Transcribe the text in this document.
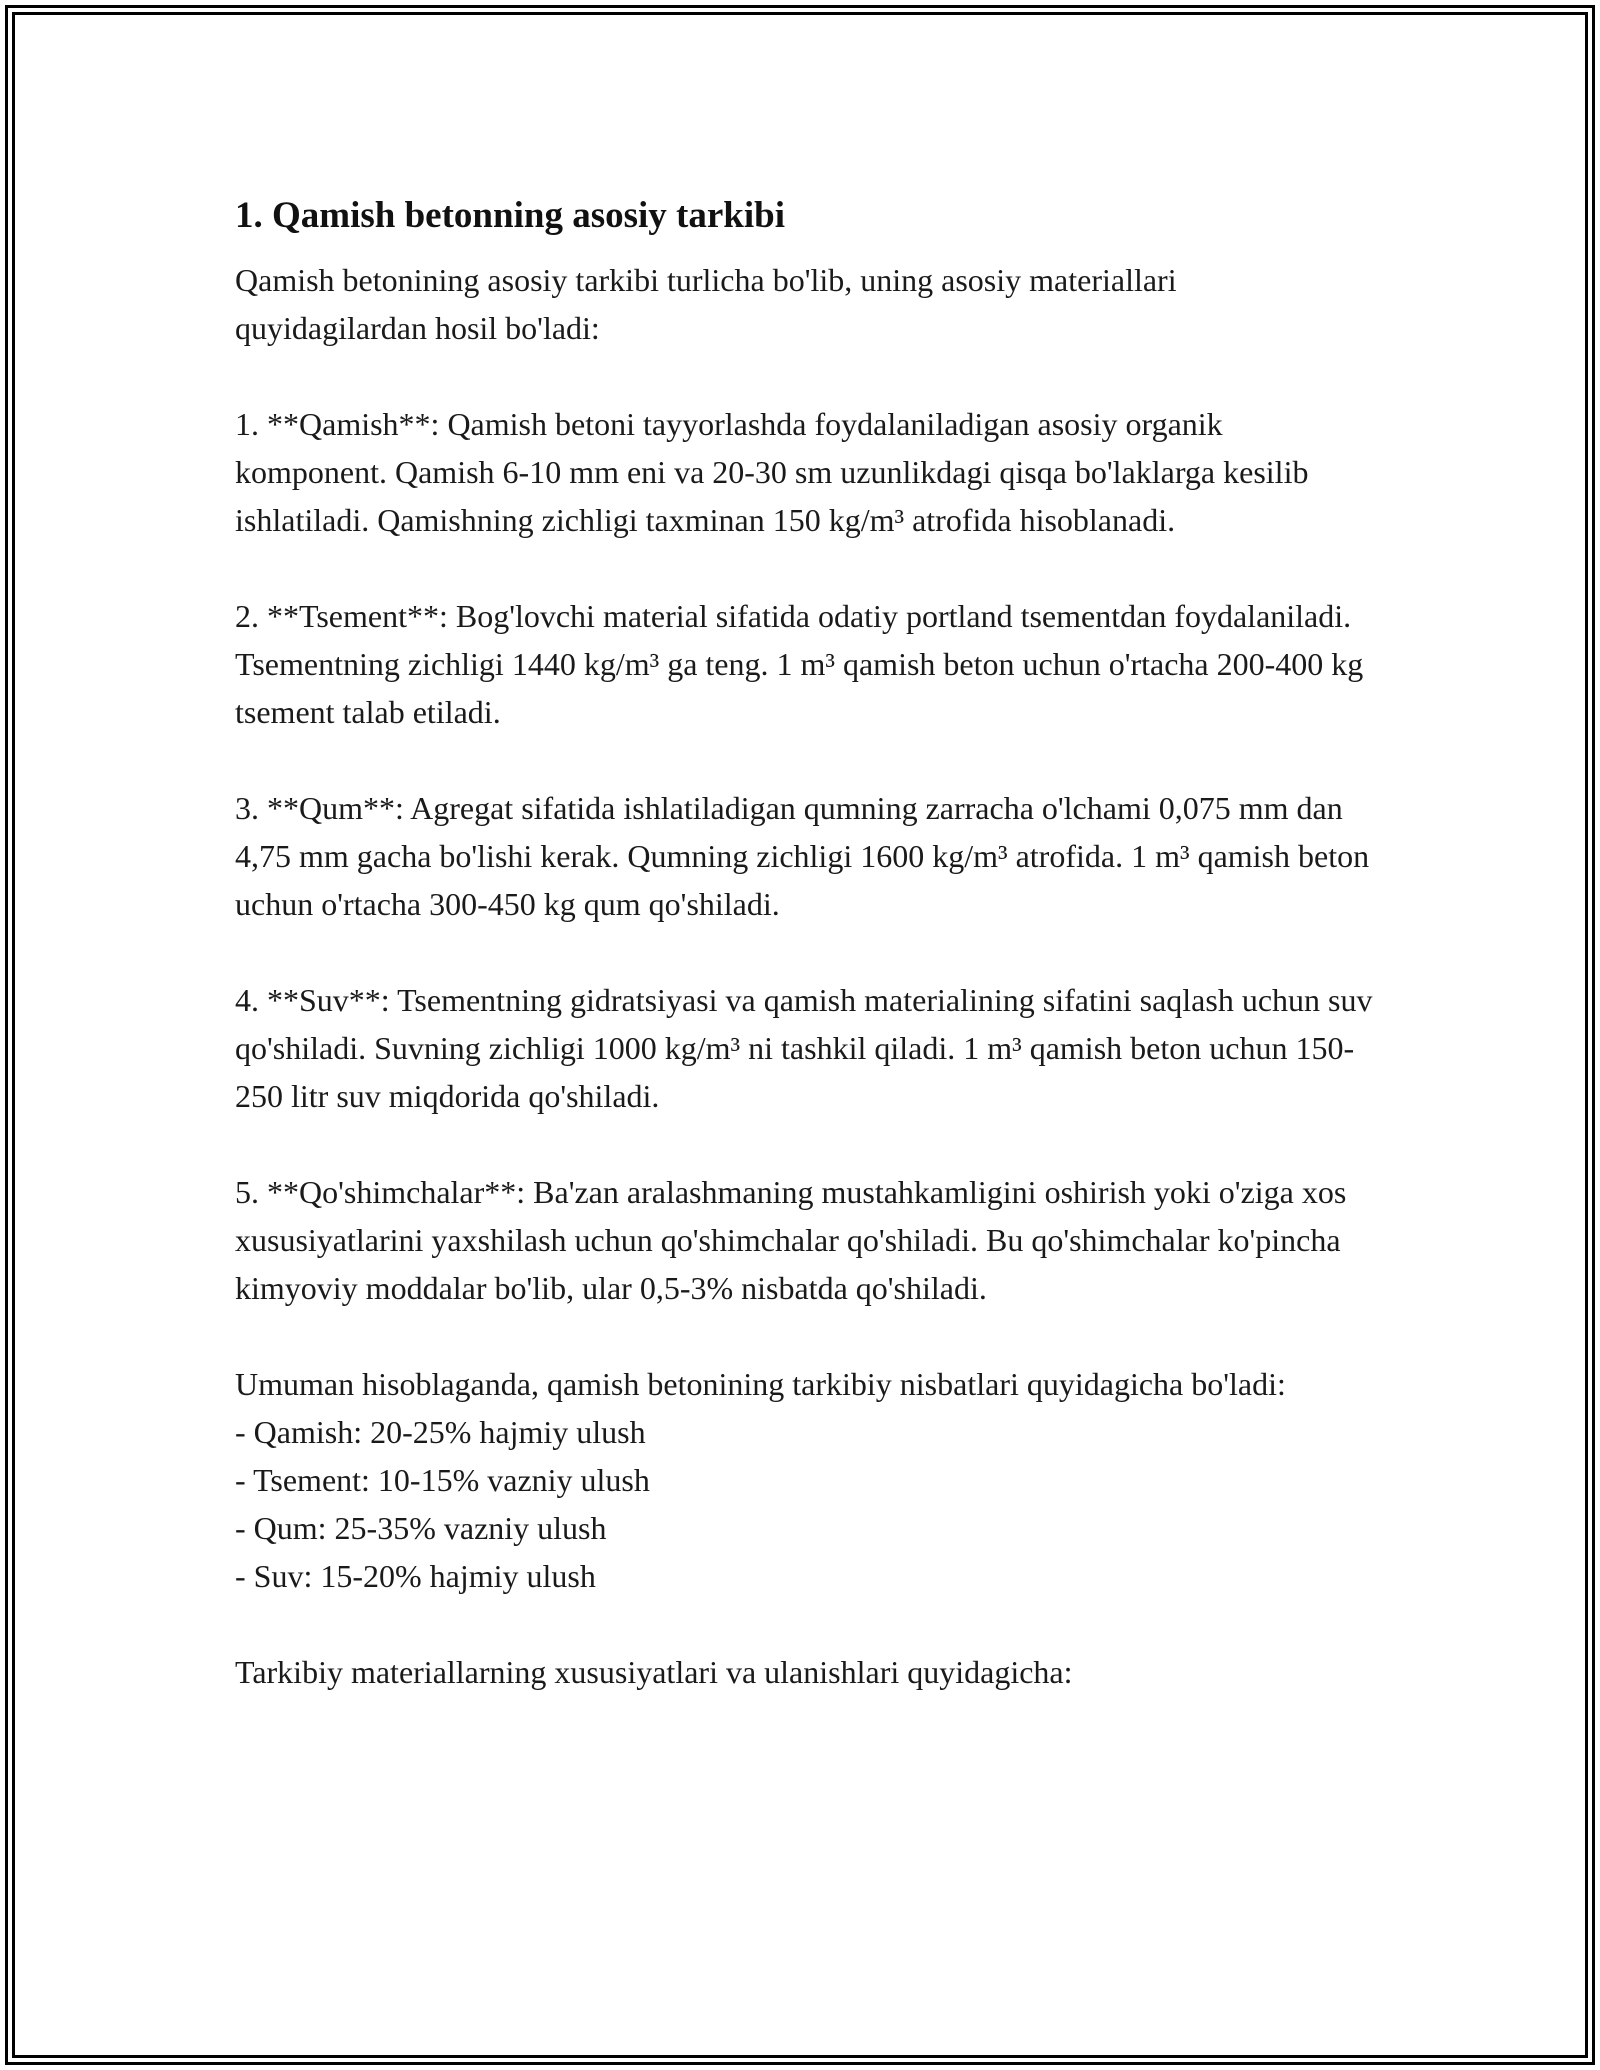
1. Qamish betonning asosiy tarkibi

Qamish betonining asosiy tarkibi turlicha bo'lib, uning asosiy materiallari quyidagilardan hosil bo'ladi:

1. **Qamish**: Qamish betoni tayyorlashda foydalaniladigan asosiy organik komponent. Qamish 6-10 mm eni va 20-30 sm uzunlikdagi qisqa bo'laklarga kesilib ishlatiladi. Qamishning zichligi taxminan 150 kg/m³ atrofida hisoblanadi.

2. **Tsement**: Bog'lovchi material sifatida odatiy portland tsementdan foydalaniladi. Tsementning zichligi 1440 kg/m³ ga teng. 1 m³ qamish beton uchun o'rtacha 200-400 kg tsement talab etiladi.

3. **Qum**: Agregat sifatida ishlatiladigan qumning zarracha o'lchami 0,075 mm dan 4,75 mm gacha bo'lishi kerak. Qumning zichligi 1600 kg/m³ atrofida. 1 m³ qamish beton uchun o'rtacha 300-450 kg qum qo'shiladi.

4. **Suv**: Tsementning gidratsiyasi va qamish materialining sifatini saqlash uchun suv qo'shiladi. Suvning zichligi 1000 kg/m³ ni tashkil qiladi. 1 m³ qamish beton uchun 150-250 litr suv miqdorida qo'shiladi.

5. **Qo'shimchalar**: Ba'zan aralashmaning mustahkamligini oshirish yoki o'ziga xos xususiyatlarini yaxshilash uchun qo'shimchalar qo'shiladi. Bu qo'shimchalar ko'pincha kimyoviy moddalar bo'lib, ular 0,5-3% nisbatda qo'shiladi.

Umuman hisoblaganda, qamish betonining tarkibiy nisbatlari quyidagicha bo'ladi:

- Qamish: 20-25% hajmiy ulush
- Tsement: 10-15% vazniy ulush
- Qum: 25-35% vazniy ulush
- Suv: 15-20% hajmiy ulush

Tarkibiy materiallarning xususiyatlari va ulanishlari quyidagicha:
